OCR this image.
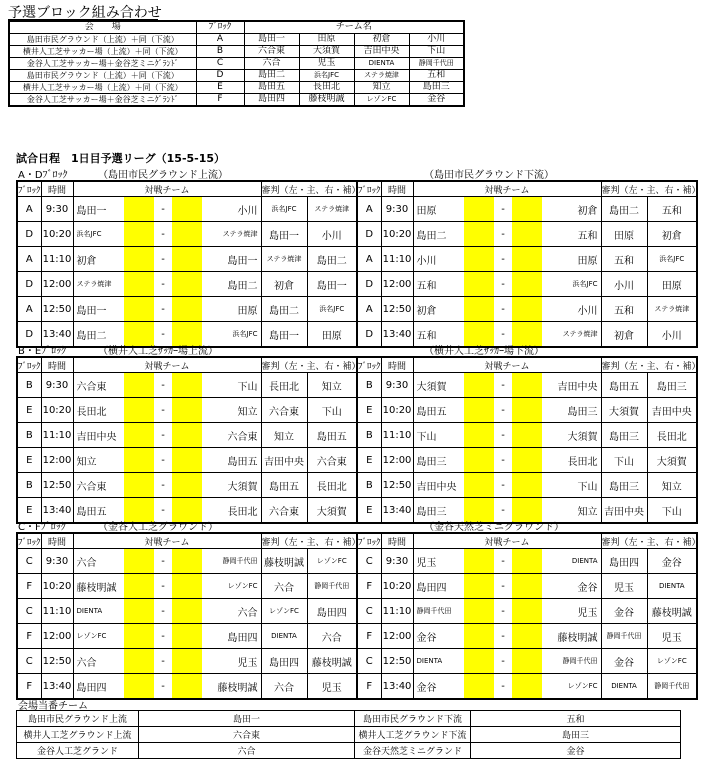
予選ブロック組み合わせ
会　　場	ﾌﾞﾛｯｸ	チーム名			
島田市民グラウンド（上流）＋同（下流）	A	島田一	田原	初倉	小川
横井人工芝サッカー場（上流）＋同（下流）	B	六合東	大須賀	吉田中央	下山
金谷人工芝サッカー場＋金谷芝ミニｸﾞﾗﾝﾄﾞ	C	六合	児玉	DIENTA	静岡千代田
島田市民グラウンド（上流）＋同（下流）	D	島田二	浜名JFC	ステラ焼津	五和
横井人工芝サッカー場（上流）＋同（下流）	E	島田五	長田北	知立	島田三
金谷人工芝サッカー場＋金谷芝ミニｸﾞﾗﾝﾄﾞ	F	島田四	藤枝明誠	レゾンFC	金谷
試合日程　1日目予選リーグ（15-5-15）
A・Dﾌﾞﾛｯｸ	（島田市民グラウンド上流）	（島田市民グラウンド下流）
ﾌﾞﾛｯｸ	時間	対戦チーム					審判（左・主、右・補）		ﾌﾞﾛｯｸ	時間	対戦チーム					審判（左・主、右・補）	
A	9:30	島田一		-		小川	浜名JFC	ステラ焼津	A	9:30	田原		-		初倉	島田二	五和
D	10:20	浜名JFC		-		ステラ焼津	島田一	小川	D	10:20	島田二		-		五和	田原	初倉
A	11:10	初倉		-		島田一	ステラ焼津	島田二	A	11:10	小川		-		田原	五和	浜名JFC
D	12:00	ステラ焼津		-		島田二	初倉	島田一	D	12:00	五和		-		浜名JFC	小川	田原
A	12:50	島田一		-		田原	島田二	浜名JFC	A	12:50	初倉		-		小川	五和	ステラ焼津
D	13:40	島田二		-		浜名JFC	島田一	田原	D	13:40	五和		-		ステラ焼津	初倉	小川
B・Eﾌﾞﾛｯｸ	（横井人工芝ｻｯｶｰ場上流）	（横井人工芝ｻｯｶｰ場下流）
ﾌﾞﾛｯｸ	時間	対戦チーム					審判（左・主、右・補）		ﾌﾞﾛｯｸ	時間	対戦チーム					審判（左・主、右・補）	
B	9:30	六合東		-		下山	長田北	知立	B	9:30	大須賀		-		吉田中央	島田五	島田三
E	10:20	長田北		-		知立	六合東	下山	E	10:20	島田五		-		島田三	大須賀	吉田中央
B	11:10	吉田中央		-		六合東	知立	島田五	B	11:10	下山		-		大須賀	島田三	長田北
E	12:00	知立		-		島田五	吉田中央	六合東	E	12:00	島田三		-		長田北	下山	大須賀
B	12:50	六合東		-		大須賀	島田五	長田北	B	12:50	吉田中央		-		下山	島田三	知立
E	13:40	島田五		-		長田北	六合東	大須賀	E	13:40	島田三		-		知立	吉田中央	下山
C・Fﾌﾞﾛｯｸ	（金谷人工芝グラウンド）	（金谷天然芝ミニグラウンド）
ﾌﾞﾛｯｸ	時間	対戦チーム					審判（左・主、右・補）		ﾌﾞﾛｯｸ	時間	対戦チーム					審判（左・主、右・補）	
C	9:30	六合		-		静岡千代田	藤枝明誠	レゾンFC	C	9:30	児玉		-		DIENTA	島田四	金谷
F	10:20	藤枝明誠		-		レゾンFC	六合	静岡千代田	F	10:20	島田四		-		金谷	児玉	DIENTA
C	11:10	DIENTA		-		六合	レゾンFC	島田四	C	11:10	静岡千代田		-		児玉	金谷	藤枝明誠
F	12:00	レゾンFC		-		島田四	DIENTA	六合	F	12:00	金谷		-		藤枝明誠	静岡千代田	児玉
C	12:50	六合		-		児玉	島田四	藤枝明誠	C	12:50	DIENTA		-		静岡千代田	金谷	レゾンFC
F	13:40	島田四		-		藤枝明誠	六合	児玉	F	13:40	金谷		-		レゾンFC	DIENTA	静岡千代田
会場当番チーム
島田市民グラウンド上流	島田一	島田市民グラウンド下流	五和
横井人工芝グラウンド上流	六合東	横井人工芝グラウンド下流	島田三
金谷人工芝グランド	六合	金谷天然芝ミニグランド	金谷
